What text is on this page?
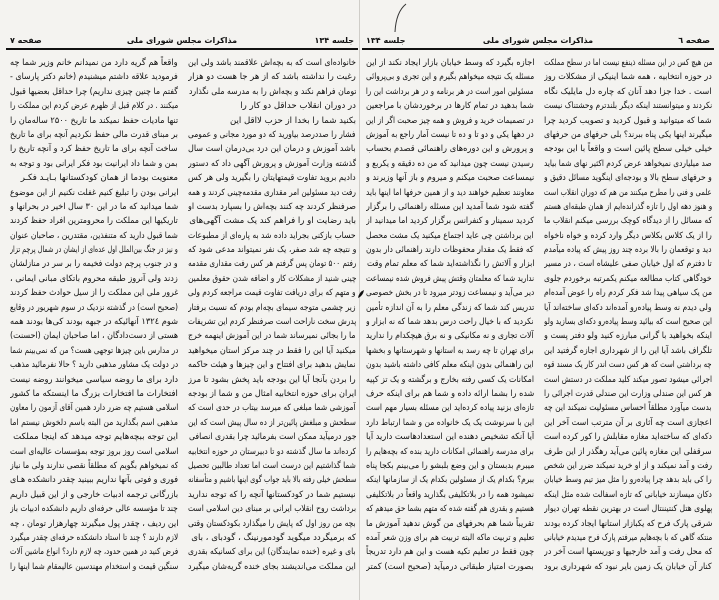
جلسه ۱۳۴
مذاکرات مجلس شورای ملی
صفحه ۷
خانواده‌ای است که به بچه‌اش علاقمند باشد ولی این
رغبت را نداشته باشد که از هر جا هست دو هزار
تومان فراهم نکند و بچه‌اش را به مدرسه ملی نگذارد
در دوران انقلاب حداقل دو کار را
بکنید شما را بخدا از حزب لااقل این
فشار را صددرصد بیاورید که دو مورد مجانی و عمومی
باشد آموزش و درمان این درد بی‌درمان است سال
گذشته وزارت آموزش و پرورش آگهی داد که دستور
دادیم بروید تفاوت قیمتهایتان را بگیرید ولی هر کس
رفت دید مسئولین امر مقداری مقدمه‌چینی کردند و همه
صرفنظر کردند چه کنند بچه‌اش را بسپارد بدست او
باید رضایت او را فراهم کند یک مشت آگهی‌های
حساب بازکنی بجراید داده شد به پاره‌ای از مطبوعات
و نتیجه چه شد صفر، یک نفر نمیتواند مدعی شود که
رفتم ۵۰۰ تومان پس گرفتم هر کس رفت مقداری مقدمه
چینی شنید از مشکلات کار و اضافه شدن حقوق معلمین
و متهم که برای دریافت تفاوت قیمت مراجعه کردم ولی
زیر چشمی متوجه سیمای بچه‌ام بودم که نسبت برفتار
پدرش سخت ناراحت است صرفنظر کردم این تشریفات
ما را بجائی نمیرساند شما در این آموزش اینهمه خرج
میکنید آیا این را فقط در چند مرکز استان میخواهید
نمایش بدهید برای افتتاح و این چیزها و هیئت حاکمه
را بردن بآنجا آیا این بودجه باید پخش بشود تا مرز
ایران برای حوزه انتخابیه امثال من و شما از بودجه
آموزشی شما مبلغی که میرسد بیتاب در حدی است که
سطحش و مبلغش پائین‌تر از ده سال پیش است که این
جور درمیآید ممکن است بفرمائید چرا بقدری انصافی
کرده‌اند ما سال گذشته دو تا دبیرستان در حوزه انتخابیه
شما گذاشتیم این درست است اما تعداد طالبین تحصیل
سطحش خیلی رفته بالا باید جواب گوی اینها باشیم و متأسفانه
نیستیم شما در کودکستانها آنچه را که توجه ندارید
برداشت روح انقلاب ایرانی بر مبنای دین اسلامی است
بچه من روز اول که پایش را میگذارد بکودکستان وقتی
که برمیگردد میگوید گودمورنینگ ، گودبای ، بای
بای و غیره (خنده نمایندگان) این برای کسانیکه بقدری
این مملکت می‌اندیشند بجای خنده گریه‌شان میگیرد
واقعاً هم گریه دارد من نمیدانم خانم وزیر شما چه
فرمودید علاقه داشتم میشنیدم (خانم دکتر پارسای -
گفتم ما چنین چیزی نداریم) چرا حداقل بعضیها قبول
میکنند . در کلام قبل از ظهرم عرض کردم این مملکت را
تنها مادیات حفظ نمیکند ما تاریخ ۲۵۰۰ ساله‌مان را
بر مبنای قدرت مالی حفظ نکردیم آنچه برای ما تاریخ
ساخت آنچه برای ما تاریخ حفظ کرد و آنچه تاریخ را
بمن و شما داد ایرانیت بود فکر ایرانی بود و توجه به
معنویت بودما از همان کودکستانها بـایـد فکـر
ایرانی بودن را تبلیغ کنیم غفلت نکنیم از این موضوع
شما میدانید که ما در این ۳۰ سال اخیر در بحرانها و
تاریکیها این مملکت را محرومترین افراد حفظ کردند
شما قبول دارید که متنفذین، مقتدرین ، صاحبان عنوان
و نیز در جنگ بین‌الملل اول عده‌ای از ایشان در شمال پرچم تزار
و در جنوب پرچم دولت فخیمه را بر سر در منازلشان
زدند ولی آنروز طبقه محروم باتکای مبانی ایمانی ،
غرور ملی این مملکت را از سیل حوادث حفظ کردند
(صحیح است) در گذشته نزدیک در سوم شهریور در وقایع
شوم ۱۳۲٤ آنهائیکه در جبهه بودند کی‌ها بودند همه
هستی از دست‌دادگان ، اما صاحبان ایمان (احسنت)
در مدارس باین چیزها توجهی هست؟ من که نمی‌بینم شما
در دولت یک مشاور مذهبی دارید ؟ حالا نفرمائید مذهب
دارد برای ما روضه سیاسی میخوانند روضه نیست
افتخارات ما افتخارات بزرگ ما اینستکه ما کشور
اسلامی هستیم چه ضرر دارد همین آقای آزمون را معاون
مذهبی اسم بگذارید من البته باسم دلخوش نیستم اما
این توجه ببچه‌هایم توجه میدهد که اینجا مملکت
اسلامی است روز بروز توجه بمؤسسات عالیه‌ای است
که نمیخواهم بگویم که مطلقاً نقصی ندارند ولی ما نیاز
فوری و فوتی بآنها نداریم ببینید چقدر دانشکده هـای
بازرگانی ترجمه ادبیات خارجی و از این قبیل داریم
چند تا مؤسسه عالی حرفه‌ای داریم دانشکده ادبیات باز
این ردیف ، چقدر پول میگیرند چهارهزار تومان ، چه
لازم دارند ؟ چند تا استاد دانشکده حرفه‌ای چقدر میگیرد
فرض کنید در همین حدود، چه لازم دارد؟ انواع ماشین آلات
سنگین قیمت و استخدام مهندسین عالیمقام شما اینها را
جلسه ۱۳۴	مذاکرات مجلس شورای ملی	صفحه ٦
من هیچ کس در این مسئله ذینفع نیست اما در سطح مملکت
در حوزه انتخابیه ، همه شما اینیکی از مشکلات روز
است . خدا جزا دهد آنان که چاره دل مایلیک نگاه
نکردند و میتوانستند اینکه دیگر بلندترم وحشتناک نیست
شما که میتوانید و قبول کردید و تصویب کردید چرا
میگیرند اینها یکی پناه ببرند؟ بلی حرفهای من حرفهای
خیلی خیلی سطح پائین است و واقعاً با این بودجه
صد میلیاردی نمیخواهد عرض کردم اکثیر نهای شما بیاید
و حرفهای سطح بالا و بودجه‌ای اینگوید مسائل دقیق و
علمی و فنی را مطرح میکنند من هم که دوران انقلاب است
و هنوز دهه اول را تازه گذرانده‌ایم از همان طبقه‌ای هستم
که مسائل را از دیدگاه کوچک بررسی میکنم انقلاب ما
را از یک کلاس بکلاس دیگر وارد کرده و خواه ناخواه
دید و توقعمان را بالا برده چند روز پیش که پیاده میآمدم
تا دفترم که اول خیابان صفی علیشاه است ، در مسیر
خودگاهی کتاب مطالعه میکنم یکمرتبه برخوردم جلوی
من یک سیاهی پیدا شد فکر کردم راه را عوض آمده‌ام
ولی دیدم نه وسط پیاده‌رو آمده‌اند دکه‌ای ساخته‌اند آیا
این صحیح است که بیائید وسط پیاده‌رو دکه‌ای بسازید ولو
اینکه بخواهید با گرانی مبارزه کنید ولو دفتر پست و
تلگراف باشد آیا این را از شهرداری اجازه گرفتید این
چه برداشتی است که هر کس دست اندر کار یک مسند قوه
اجرائی میشود تصور میکند کلید مملکت در دستش است
هر کس این صندلی وزارت این صندلی قدرت اجرائی را
بدست میآورد مطلقاً احساس مسئولیت نمیکند این چه
اعجازی است چه آثاری بر آن مترتب است آخر این
دکه‌ای که ساخته‌اید مغازه مقابلش را کور کرده است
سرقفلی این مغازه پائین می‌آید رهگذر از این طرف
رفت و آمد نمیکند و از او خرید نمیکند ضرر این شخص
را کی باید بدهد چرا پیاده‌رو را مثل میز تیم وسط خیابان
دکان میسازند خیابانی که تازه اسفالت شده مثل اینکه
پهلوی هتل کنتیننتال است در بهترین نقطه تهران دیوار
شرقی پارک فرح که یکبازار استانها ایجاد کرده بودند
منتکه گاهی که با بچه‌هایم میرفتم پارک فرح میدیدم خیابانی
که محل رفت و آمد خارجیها و توریستها است آخر در
کنار آن خیابان یک زمین بایر نبود که شهرداری برود
اجازه بگیرد که وسط خیابان بازار ایجاد نکند از این
مسئله یک نتیجه میخواهم بگیرم و این تجری و بی‌پروائی
مسئولین امور است در هر برنامه و در هر برداشت این را
شما بدهید در تمام کارها در برخوردشان با مراجعین
در تصمیمات خرید و فروش و همه چیز صحبت اگر از این
در دهها یکی و دو تا و ده تا نیست آمار راجع به آموزش
و پرورش و این دوره‌های راهنمائی قصدم بحساب
رسیدن نیست چون میدانید که من ده دقیقه و یکربع و
نیمساعت صحبت میکنم و میروم و باز آنها وزیرند و
معاونند تعظیم خواهند دید و از همین حرفها اما اینها باید
گفته شود شما آمدید این مسئله راهنمائی را برگزار
کردید سمینار و کنفرانس برگزار کردید اما میدانید از
این برداشتن چی عاید اجتماع میکنید یک مشت محصل
که فقط یک مقدار محفوظات دارند راهنمائی دار بدون
ابزار و آلاتش را نگذاشته‌اید شما که معلم تمام وقت
ندارید شما که معلمتان وقتش پیش فروش شده نیمساعت
دیر می‌آید و نیمساعت زودتر میرود تا در بخش خصوصی
تدریس کند شما که زندگی معلم را به آن اندازه تأمین
نکردید که با خیال راحت درس بدهد شما که نه ابزار و
آلات تجاری و نه مکانیکی و نه برق هیچکدام را ندارید
برای تهران تا چه رسد به استانها و شهرستانها و بخشها
این راهنمائی بدون اینکه معلم کافی داشته باشید بدون
امکانات یک کسی رفته بخارج و برگشته و یک تز کپیه
شده را بشما ارائه داده و شما هم برای اینکه حرف
تازه‌ای بزنید پیاده کرده‌اید این مسئله بسیار مهم است
این با سرنوشت یک یک خانواده من و شما ارتباط دارد
آیا آنکه تشخیص دهنده این استعدادهاست دارید آیا
برای مدرسه راهنمائی امکانات دارید بنده که بچه‌هایم را
میبرم بدبستان و این وضع بلبشو را می‌بینم بکجا پناه
ببرم؟ بکدام یک از مسئولین بکدام یک از سازمانها اینکه
نمیشود همه را در بلاتکلیفی بگذارید واقعاً در بلاتکلیفی
هستیم و بقدری هم گفته شده که متهم بشما حق میدهم که
تقریباً شما هم بحرفهای من گوش ندهید آموزش ما
تعلیم و تربیت ماکه البته تربیت هم برای وزن شعر آمده
چون فقط در تعلیم تکیه هست و این هم دارد تدریجاً
بصورت امتیاز طبقاتی درمیآید (صحیح است) کمتر
